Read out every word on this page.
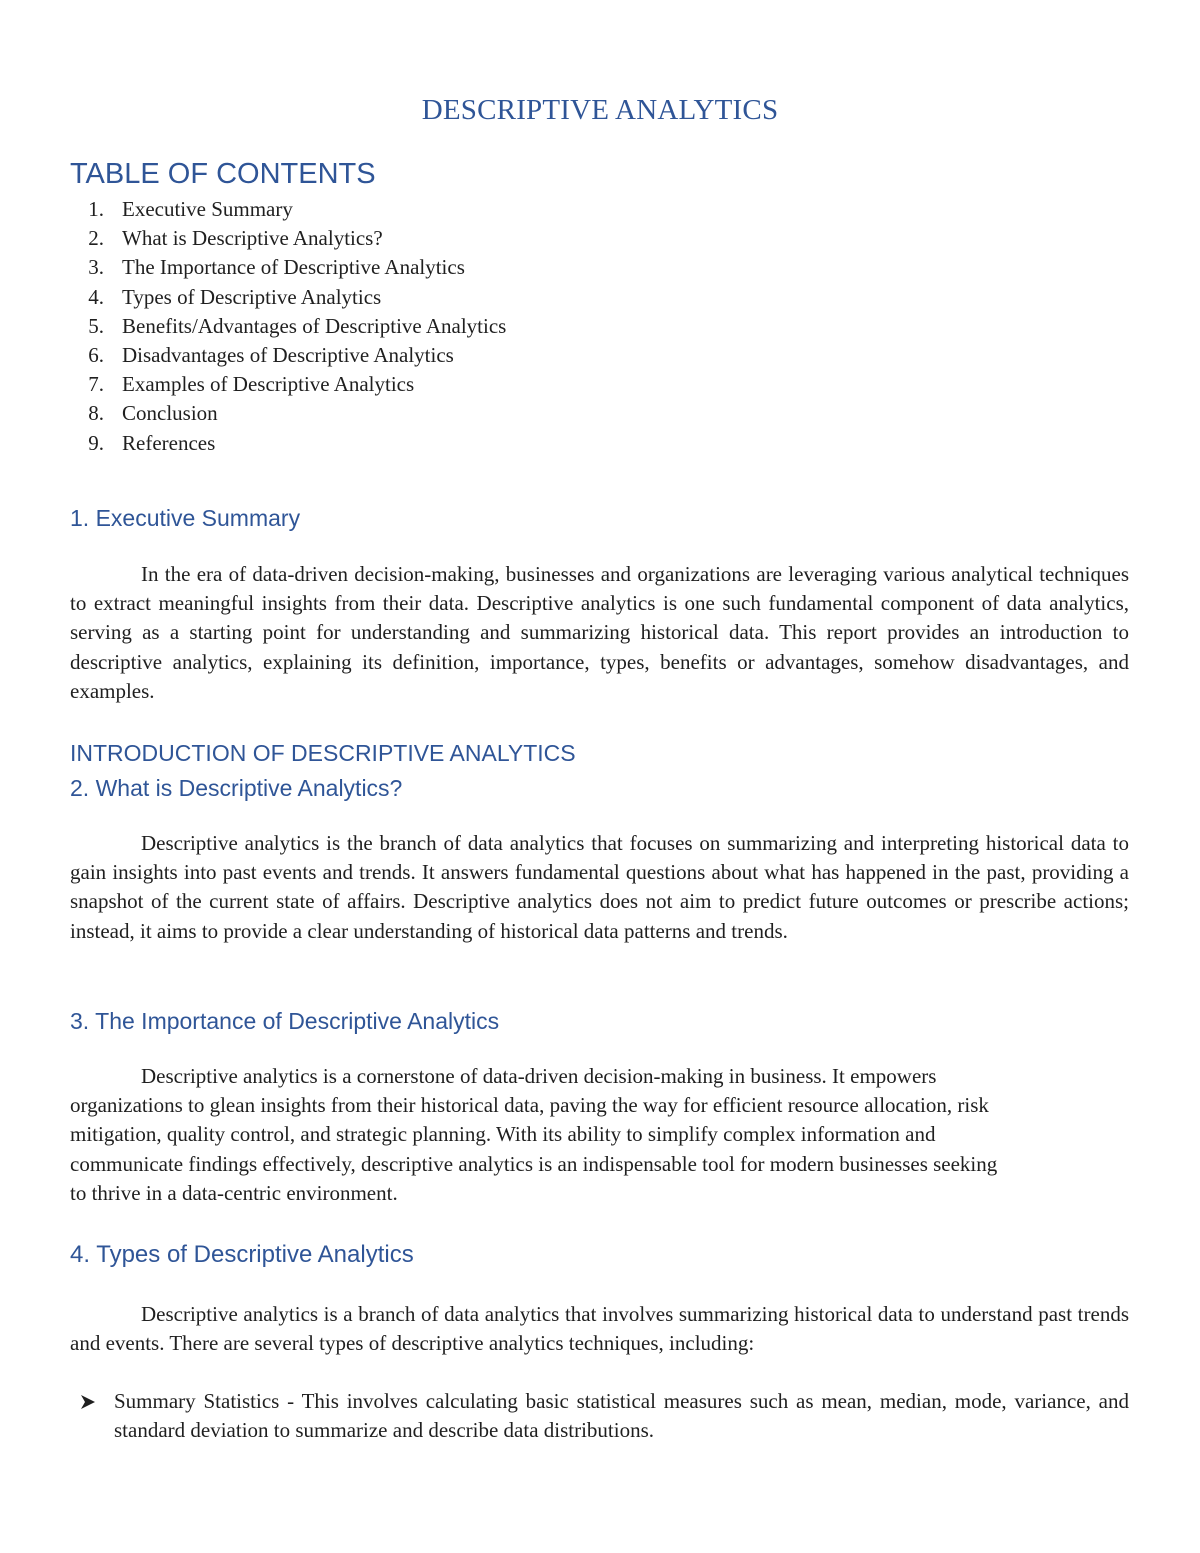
DESCRIPTIVE ANALYTICS
TABLE OF CONTENTS
1. Executive Summary
2. What is Descriptive Analytics?
3. The Importance of Descriptive Analytics
4. Types of Descriptive Analytics
5. Benefits/Advantages of Descriptive Analytics
6. Disadvantages of Descriptive Analytics
7. Examples of Descriptive Analytics
8. Conclusion
9. References
1. Executive Summary

In the era of data-driven decision-making, businesses and organizations are leveraging various analytical techniques to extract meaningful insights from their data. Descriptive analytics is one such fundamental component of data analytics, serving as a starting point for understanding and summarizing historical data. This report provides an introduction to descriptive analytics, explaining its definition, importance, types, benefits or advantages, somehow disadvantages, and examples.

INTRODUCTION OF DESCRIPTIVE ANALYTICS
2. What is Descriptive Analytics?

Descriptive analytics is the branch of data analytics that focuses on summarizing and interpreting historical data to gain insights into past events and trends. It answers fundamental questions about what has happened in the past, providing a snapshot of the current state of affairs. Descriptive analytics does not aim to predict future outcomes or prescribe actions; instead, it aims to provide a clear understanding of historical data patterns and trends.

3. The Importance of Descriptive Analytics
Descriptive analytics is a cornerstone of data-driven decision-making in business. It empowers
organizations to glean insights from their historical data, paving the way for efficient resource allocation, risk
mitigation, quality control, and strategic planning. With its ability to simplify complex information and
communicate findings effectively, descriptive analytics is an indispensable tool for modern businesses seeking
to thrive in a data-centric environment.
4. Types of Descriptive Analytics

Descriptive analytics is a branch of data analytics that involves summarizing historical data to understand past trends and events. There are several types of descriptive analytics techniques, including:

Summary Statistics - This involves calculating basic statistical measures such as mean, median, mode, variance, and standard deviation to summarize and describe data distributions.
